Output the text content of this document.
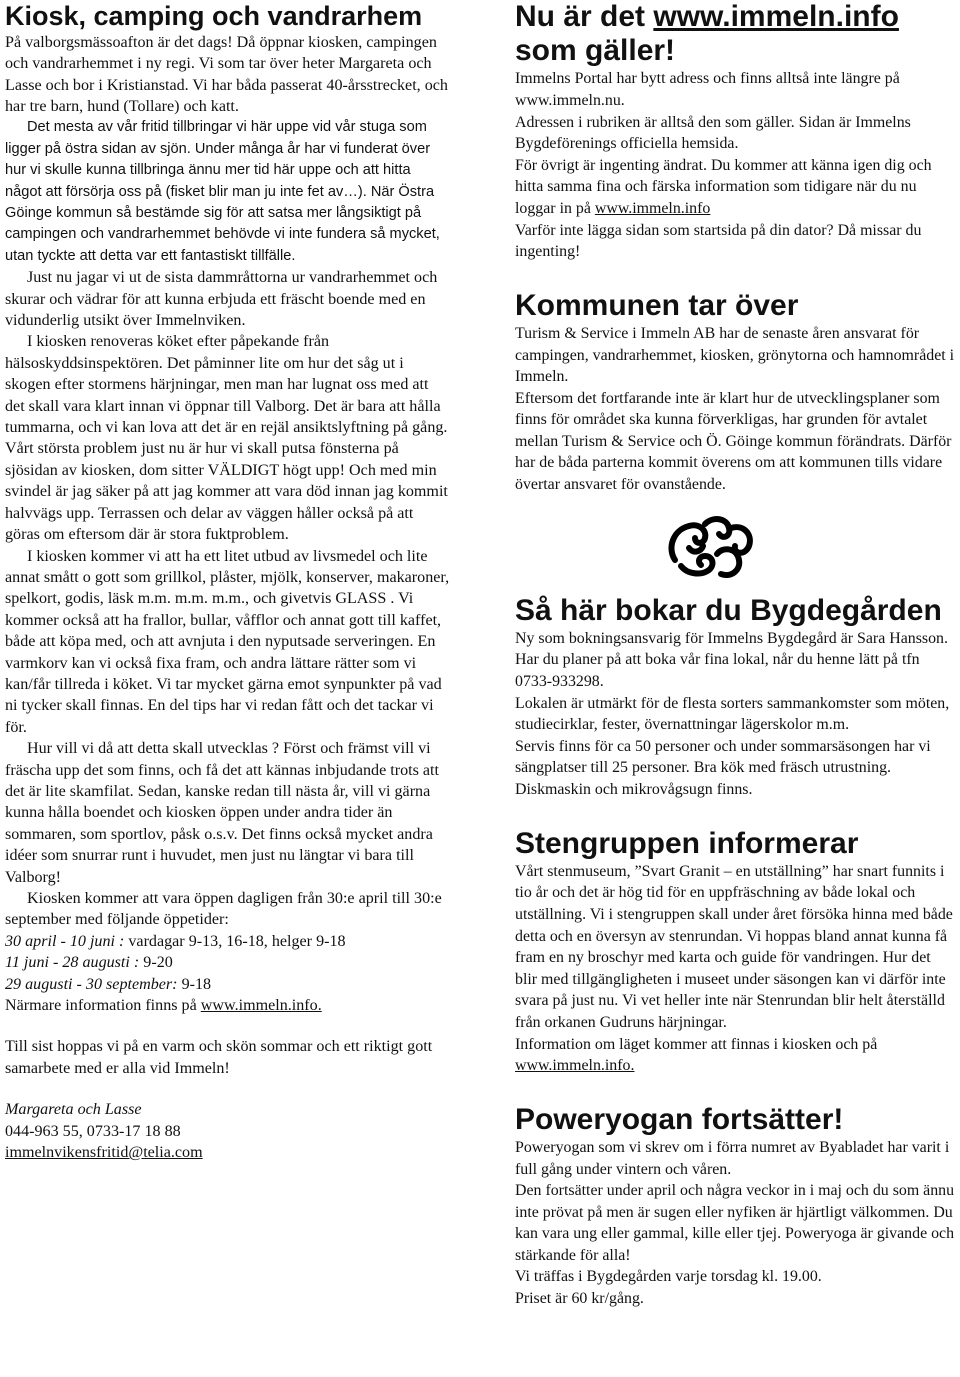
Kiosk, camping och vandrarhem

På valborgsmässoafton är det dags! Då öppnar kiosken, campingen och vandrarhemmet i ny regi. Vi som tar över heter Margareta och Lasse och bor i Kristianstad. Vi har båda passerat 40-årsstrecket, och har tre barn, hund (Tollare) och katt.

Det mesta av vår fritid tillbringar vi här uppe vid vår stuga som ligger på östra sidan av sjön. Under många år har vi funderat över hur vi skulle kunna tillbringa ännu mer tid här uppe och att hitta något att försörja oss på (fisket blir man ju inte fet av…). När Östra Göinge kommun så bestämde sig för att satsa mer långsiktigt på campingen och vandrarhemmet behövde vi inte fundera så mycket, utan tyckte att detta var ett fantastiskt tillfälle.

Just nu jagar vi ut de sista dammråttorna ur vandrarhemmet och skurar och vädrar för att kunna erbjuda ett fräscht boende med en vidunderlig utsikt över Immelnviken.

I kiosken renoveras köket efter påpekande från hälsoskyddsinspektören. Det påminner lite om hur det såg ut i skogen efter stormens härjningar, men man har lugnat oss med att det skall vara klart innan vi öppnar till Valborg. Det är bara att hålla tummarna, och vi kan lova att det är en rejäl ansiktslyftning på gång. Vårt största problem just nu är hur vi skall putsa fönsterna på sjösidan av kiosken, dom sitter VÄLDIGT högt upp! Och med min svindel är jag säker på att jag kommer att vara död innan jag kommit halvvägs upp. Terrassen och delar av väggen håller också på att göras om eftersom där är stora fuktproblem.

I kiosken kommer vi att ha ett litet utbud av livsmedel och lite annat smått o gott som grillkol, plåster, mjölk, konserver, makaroner, spelkort, godis, läsk m.m. m.m. m.m., och givetvis GLASS . Vi kommer också att ha frallor, bullar, våfflor och annat gott till kaffet, både att köpa med, och att avnjuta i den nyputsade serveringen. En varmkorv kan vi också fixa fram, och andra lättare rätter som vi kan/får tillreda i köket. Vi tar mycket gärna emot synpunkter på vad ni tycker skall finnas. En del tips har vi redan fått och det tackar vi för.

Hur vill vi då att detta skall utvecklas ? Först och främst vill vi fräscha upp det som finns, och få det att kännas inbjudande trots att det är lite skamfilat. Sedan, kanske redan till nästa år, vill vi gärna kunna hålla boendet och kiosken öppen under andra tider än sommaren, som sportlov, påsk o.s.v. Det finns också mycket andra idéer som snurrar runt i huvudet, men just nu längtar vi bara till Valborg!

Kiosken kommer att vara öppen dagligen från 30:e april till 30:e september med följande öppetider:

30 april - 10 juni : vardagar 9-13, 16-18, helger 9-18
11 juni - 28 augusti : 9-20
29 augusti - 30 september: 9-18

Närmare information finns på www.immeln.info.

Till sist hoppas vi på en varm och skön sommar och ett riktigt gott samarbete med er alla vid Immeln!

Margareta och Lasse

044-963 55, 0733-17 18 88

immelnvikensfritid@telia.com

Nu är det www.immeln.info
som gäller!

Immelns Portal har bytt adress och finns alltså inte längre på www.immeln.nu.

Adressen i rubriken är alltså den som gäller. Sidan är Immelns Bygdeförenings officiella hemsida.

För övrigt är ingenting ändrat. Du kommer att känna igen dig och hitta samma fina och färska information som tidigare när du nu loggar in på www.immeln.info

Varför inte lägga sidan som startsida på din dator? Då missar du ingenting!

Kommunen tar över

Turism & Service i Immeln AB har de senaste åren ansvarat för campingen, vandrarhemmet, kiosken, grönytorna och hamnområdet i Immeln.

Eftersom det fortfarande inte är klart hur de utvecklingsplaner som finns för området ska kunna förverkligas, har grunden för avtalet mellan Turism & Service och Ö. Göinge kommun förändrats. Därför har de båda parterna kommit överens om att kommunen tills vidare övertar ansvaret för ovanstående.

Så här bokar du Bygdegården

Ny som bokningsansvarig för Immelns Bygdegård är Sara Hansson. Har du planer på att boka vår fina lokal, når du henne lätt på tfn 0733-933298.

Lokalen är utmärkt för de flesta sorters sammankomster som möten, studiecirklar, fester, övernattningar lägerskolor m.m.

Servis finns för ca 50 personer och under sommarsäsongen har vi sängplatser till 25 personer. Bra kök med fräsch utrustning. Diskmaskin och mikrovågsugn finns.

Stengruppen informerar

Vårt stenmuseum, ”Svart Granit – en utställning” har snart funnits i tio år och det är hög tid för en uppfräschning av både lokal och utställning. Vi i stengruppen skall under året försöka hinna med både detta och en översyn av stenrundan. Vi hoppas bland annat kunna få fram en ny broschyr med karta och guide för vandringen. Hur det blir med tillgängligheten i museet under säsongen kan vi därför inte svara på just nu. Vi vet heller inte när Stenrundan blir helt återställd från orkanen Gudruns härjningar.

Information om läget kommer att finnas i kiosken och på
www.immeln.info.

Poweryogan fortsätter!

Poweryogan som vi skrev om i förra numret av Byabladet har varit i full gång under vintern och våren.

Den fortsätter under april och några veckor in i maj och du som ännu inte prövat på men är sugen eller nyfiken är hjärtligt välkommen. Du kan vara ung eller gammal, kille eller tjej. Poweryoga är givande och stärkande för alla!

Vi träffas i Bygdegården varje torsdag kl. 19.00.

Priset är 60 kr/gång.
